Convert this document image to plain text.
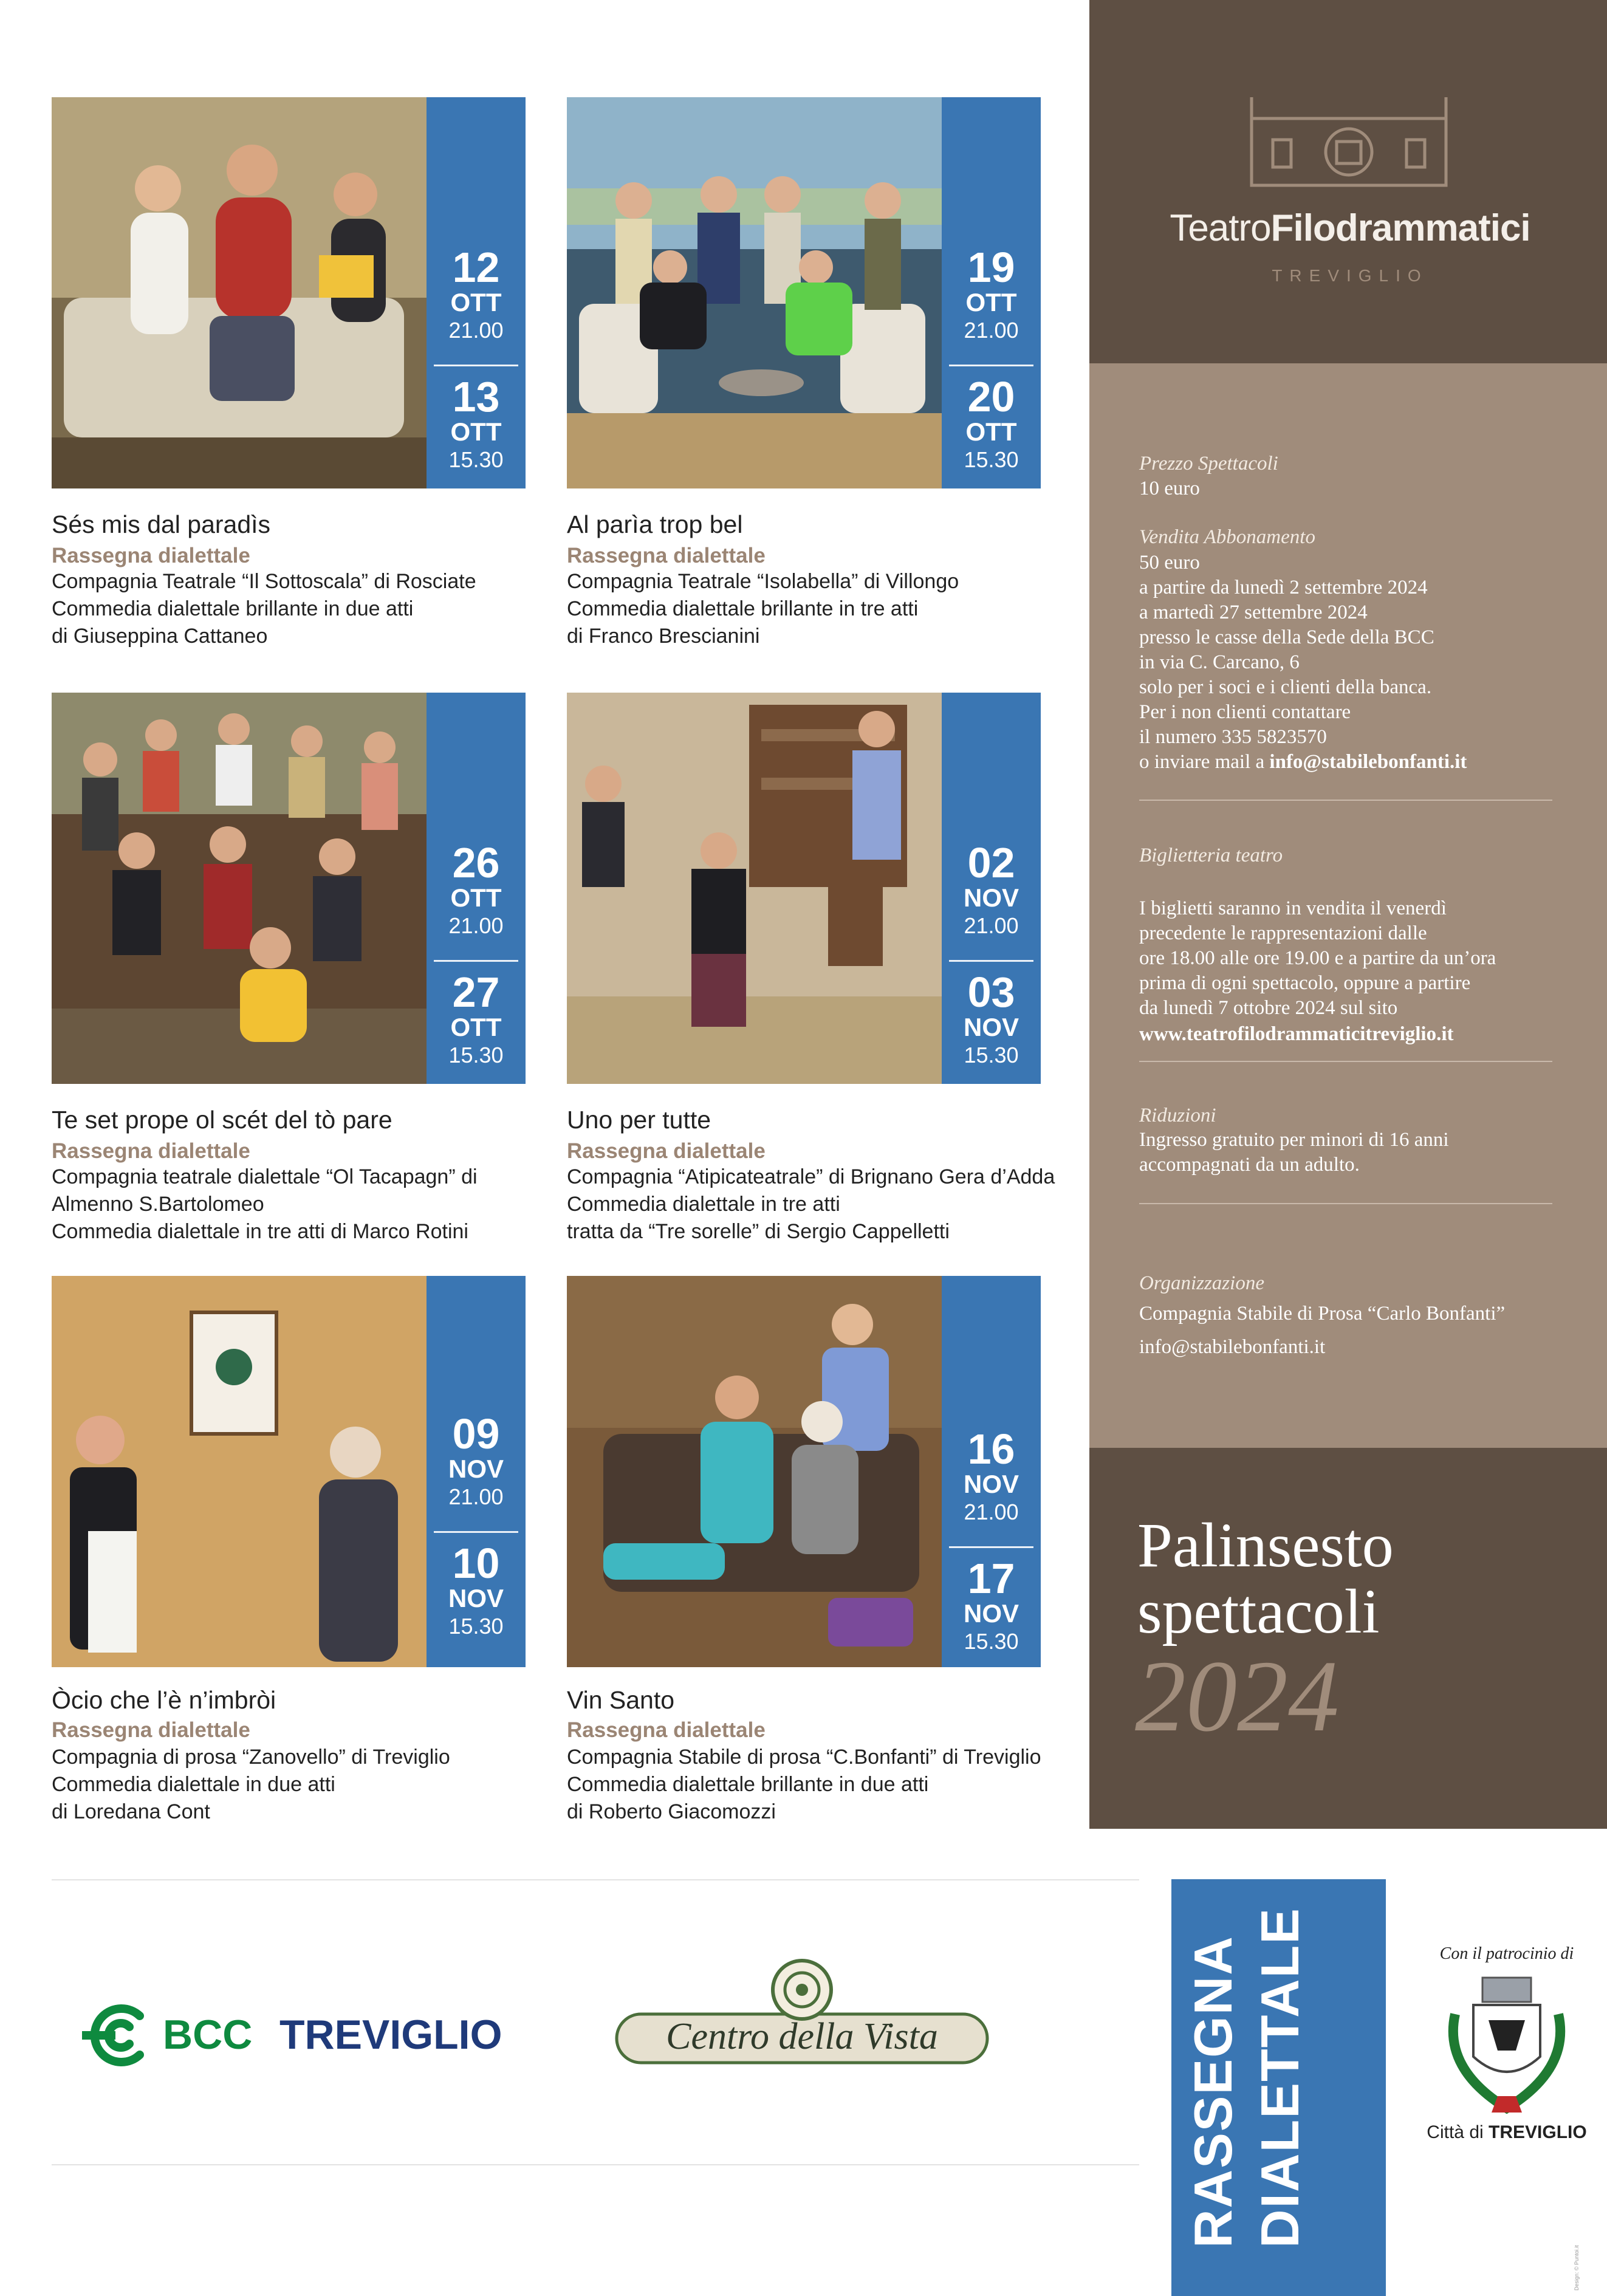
12
OTT
21.00
13
OTT
15.30
Sés mis dal paradìs
Rassegna dialettale
Compagnia Teatrale “Il Sottoscala” di Rosciate
Commedia dialettale brillante in due atti
di Giuseppina Cattaneo
19
OTT
21.00
20
OTT
15.30
Al parìa trop bel
Rassegna dialettale
Compagnia Teatrale “Isolabella” di Villongo
Commedia dialettale brillante in tre atti
di Franco Brescianini
26
OTT
21.00
27
OTT
15.30
Te set prope ol scét del tò pare
Rassegna dialettale
Compagnia teatrale dialettale “Ol Tacapagn” di
Almenno S.Bartolomeo
Commedia dialettale in tre atti di Marco Rotini
02
NOV
21.00
03
NOV
15.30
Uno per tutte
Rassegna dialettale
Compagnia “Atipicateatrale” di Brignano Gera d’Adda
Commedia dialettale in tre atti
tratta da “Tre sorelle” di Sergio Cappelletti
09
NOV
21.00
10
NOV
15.30
Òcio che l’è n’imbròi
Rassegna dialettale
Compagnia di prosa “Zanovello” di Treviglio
Commedia dialettale in due atti
di Loredana Cont
16
NOV
21.00
17
NOV
15.30
Vin Santo
Rassegna dialettale
Compagnia Stabile di prosa “C.Bonfanti” di Treviglio
Commedia dialettale brillante in due atti
di Roberto Giacomozzi
TeatroFilodrammatici
TREVIGLIO
Prezzo Spettacoli
10 euro
Vendita Abbonamento
50 euro
a partire da lunedì 2 settembre 2024
a martedì 27 settembre 2024
presso le casse della Sede della BCC
in via C. Carcano, 6
solo per i soci e i clienti della banca.
Per i non clienti contattare
il numero 335 5823570
o inviare mail a info@stabilebonfanti.it
Biglietteria teatro
I biglietti saranno in vendita il venerdì
precedente le rappresentazioni dalle
ore 18.00 alle ore 19.00 e a partire da un’ora
prima di ogni spettacolo, oppure a partire
da lunedì 7 ottobre 2024 sul sito
www.teatrofilodrammaticitreviglio.it
Riduzioni
Ingresso gratuito per minori di 16 anni
accompagnati da un adulto.
Organizzazione
Compagnia Stabile di Prosa “Carlo Bonfanti”
info@stabilebonfanti.it
Palinsesto
spettacoli
2024
BCC TREVIGLIO	Centro della Vista	RASSEGNA DIALETTALE	Con il patrocinio di
Città di TREVIGLIO
Design: © Puntoi.it
